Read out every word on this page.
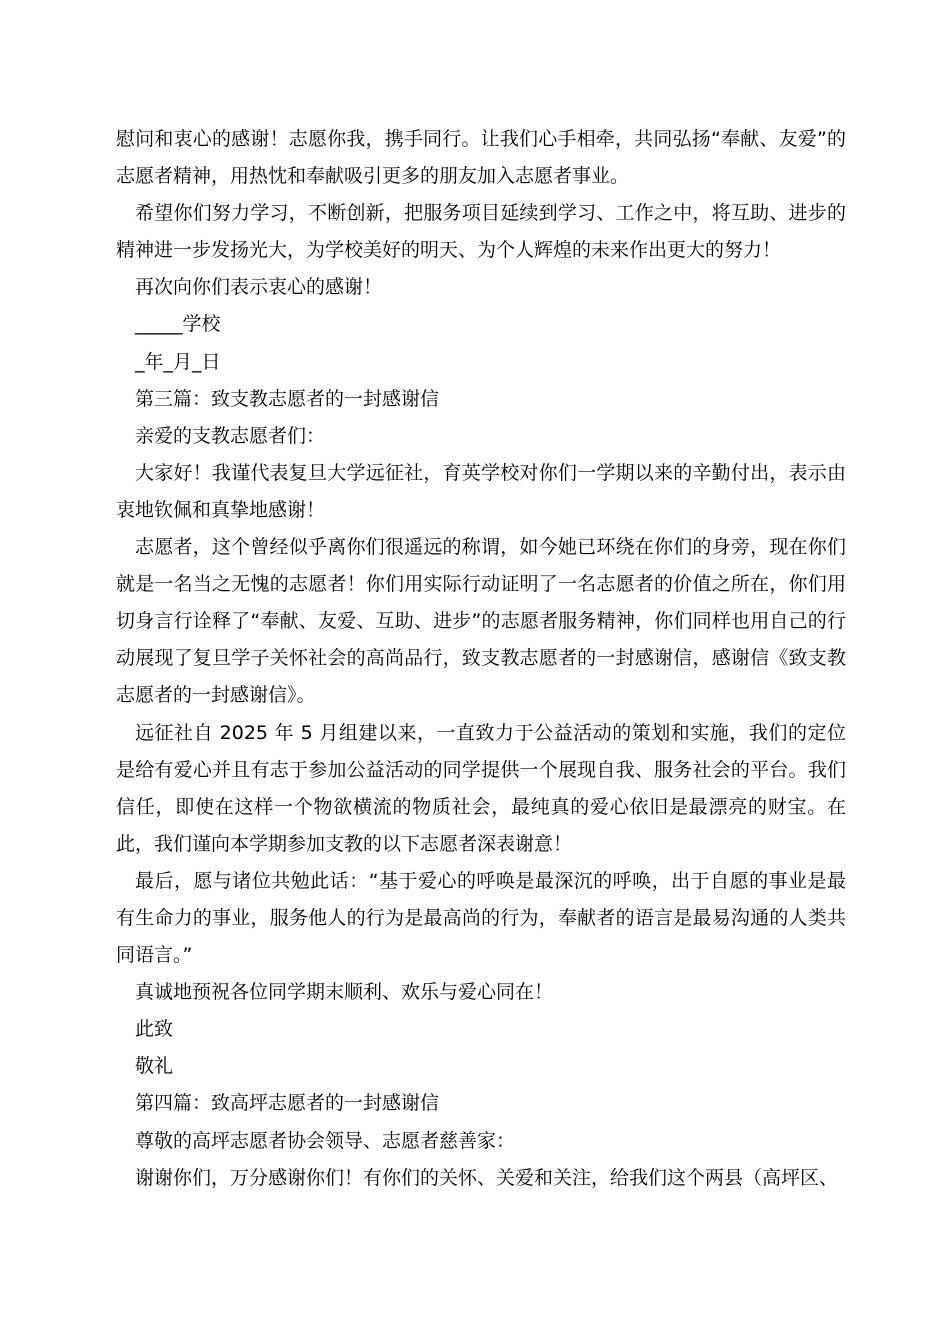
慰问和衷心的感谢！志愿你我，携手同行。让我们心手相牵，共同弘扬“奉献、友爱”的志愿者精神，用热忱和奉献吸引更多的朋友加入志愿者事业。

希望你们努力学习，不断创新，把服务项目延续到学习、工作之中，将互助、进步的精神进一步发扬光大，为学校美好的明天、为个人辉煌的未来作出更大的努力！

再次向你们表示衷心的感谢！

_____学校

_年_月_日

第三篇：致支教志愿者的一封感谢信

亲爱的支教志愿者们：

大家好！我谨代表复旦大学远征社，育英学校对你们一学期以来的辛勤付出，表示由衷地钦佩和真挚地感谢！

志愿者，这个曾经似乎离你们很遥远的称谓，如今她已环绕在你们的身旁，现在你们就是一名当之无愧的志愿者！你们用实际行动证明了一名志愿者的价值之所在，你们用切身言行诠释了“奉献、友爱、互助、进步”的志愿者服务精神，你们同样也用自己的行动展现了复旦学子关怀社会的高尚品行，致支教志愿者的一封感谢信，感谢信《致支教志愿者的一封感谢信》。

远征社自 2025 年 5 月组建以来，一直致力于公益活动的策划和实施，我们的定位是给有爱心并且有志于参加公益活动的同学提供一个展现自我、服务社会的平台。我们信任，即使在这样一个物欲横流的物质社会，最纯真的爱心依旧是最漂亮的财宝。在此，我们谨向本学期参加支教的以下志愿者深表谢意！

最后，愿与诸位共勉此话：“基于爱心的呼唤是最深沉的呼唤，出于自愿的事业是最有生命力的事业，服务他人的行为是最高尚的行为，奉献者的语言是最易沟通的人类共同语言。”

真诚地预祝各位同学期末顺利、欢乐与爱心同在！

此致

敬礼

第四篇：致高坪志愿者的一封感谢信

尊敬的高坪志愿者协会领导、志愿者慈善家：

谢谢你们，万分感谢你们！有你们的关怀、关爱和关注，给我们这个两县（高坪区、
